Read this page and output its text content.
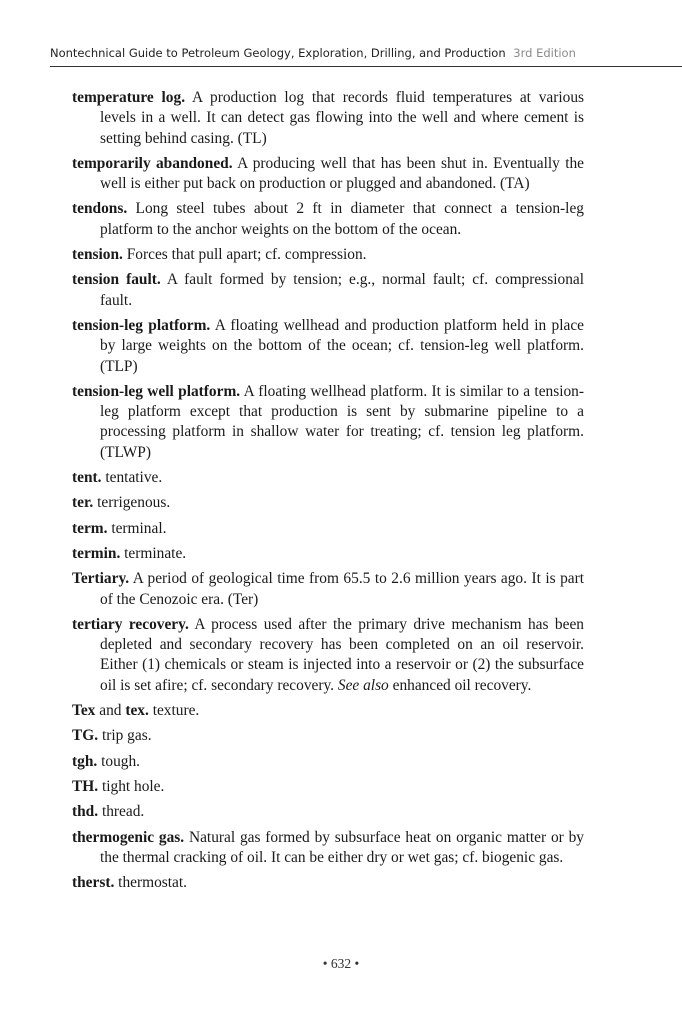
Nontechnical Guide to Petroleum Geology, Exploration, Drilling, and Production 3rd Edition

temperature log. A production log that records fluid temperatures at various levels in a well. It can detect gas flowing into the well and where cement is setting behind casing. (TL)

temporarily abandoned. A producing well that has been shut in. Eventually the well is either put back on production or plugged and abandoned. (TA)

tendons. Long steel tubes about 2 ft in diameter that connect a tension-leg platform to the anchor weights on the bottom of the ocean.

tension. Forces that pull apart; cf. compression.

tension fault. A fault formed by tension; e.g., normal fault; cf. compressional fault.

tension-leg platform. A floating wellhead and production platform held in place by large weights on the bottom of the ocean; cf. tension-leg well platform. (TLP)

tension-leg well platform. A floating wellhead platform. It is similar to a tension-leg platform except that production is sent by submarine pipeline to a processing platform in shallow water for treating; cf. tension leg platform. (TLWP)

tent. tentative.

ter. terrigenous.

term. terminal.

termin. terminate.

Tertiary. A period of geological time from 65.5 to 2.6 million years ago. It is part of the Cenozoic era. (Ter)

tertiary recovery. A process used after the primary drive mechanism has been depleted and secondary recovery has been completed on an oil reservoir. Either (1) chemicals or steam is injected into a reservoir or (2) the subsurface oil is set afire; cf. secondary recovery. See also enhanced oil recovery.

Tex and tex. texture.

TG. trip gas.

tgh. tough.

TH. tight hole.

thd. thread.

thermogenic gas. Natural gas formed by subsurface heat on organic matter or by the thermal cracking of oil. It can be either dry or wet gas; cf. biogenic gas.

therst. thermostat.

• 632 •
